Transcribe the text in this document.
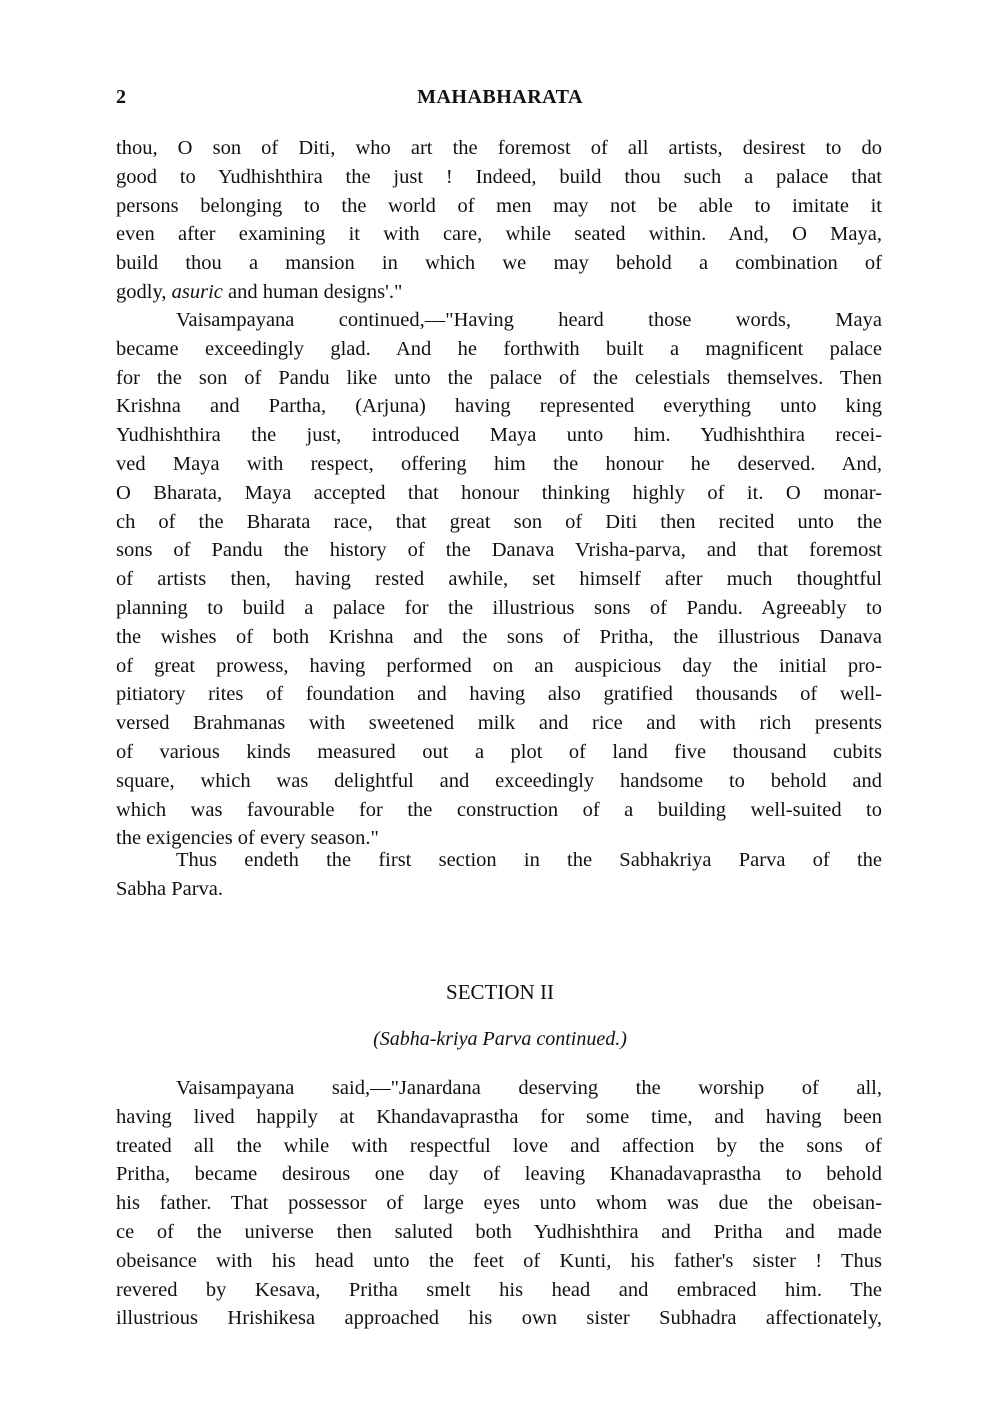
2	MAHABHARATA
thou, O son of Diti, who art the foremost of all artists, desirest to do
good to Yudhishthira the just ! Indeed, build thou such a palace that
persons belonging to the world of men may not be able to imitate it
even after examining it with care, while seated within. And, O Maya,
build thou a mansion in which we may behold a combination of
godly, asuric and human designs'."
Vaisampayana continued,—"Having heard those words, Maya
became exceedingly glad. And he forthwith built a magnificent palace
for the son of Pandu like unto the palace of the celestials themselves. Then
Krishna and Partha, (Arjuna) having represented everything unto king
Yudhishthira the just, introduced Maya unto him. Yudhishthira recei-
ved Maya with respect, offering him the honour he deserved. And,
O Bharata, Maya accepted that honour thinking highly of it. O monar-
ch of the Bharata race, that great son of Diti then recited unto the
sons of Pandu the history of the Danava Vrisha-parva, and that foremost
of artists then, having rested awhile, set himself after much thoughtful
planning to build a palace for the illustrious sons of Pandu. Agreeably to
the wishes of both Krishna and the sons of Pritha, the illustrious Danava
of great prowess, having performed on an auspicious day the initial pro-
pitiatory rites of foundation and having also gratified thousands of well-
versed Brahmanas with sweetened milk and rice and with rich presents
of various kinds measured out a plot of land five thousand cubits
square, which was delightful and exceedingly handsome to behold and
which was favourable for the construction of a building well-suited to
the exigencies of every season."
Thus endeth the first section in the Sabhakriya Parva of the
Sabha Parva.
SECTION II
(Sabha-kriya Parva continued.)
Vaisampayana said,—"Janardana deserving the worship of all,
having lived happily at Khandavaprastha for some time, and having been
treated all the while with respectful love and affection by the sons of
Pritha, became desirous one day of leaving Khanadavaprastha to behold
his father. That possessor of large eyes unto whom was due the obeisan-
ce of the universe then saluted both Yudhishthira and Pritha and made
obeisance with his head unto the feet of Kunti, his father's sister ! Thus
revered by Kesava, Pritha smelt his head and embraced him. The
illustrious Hrishikesa approached his own sister Subhadra affectionately,
